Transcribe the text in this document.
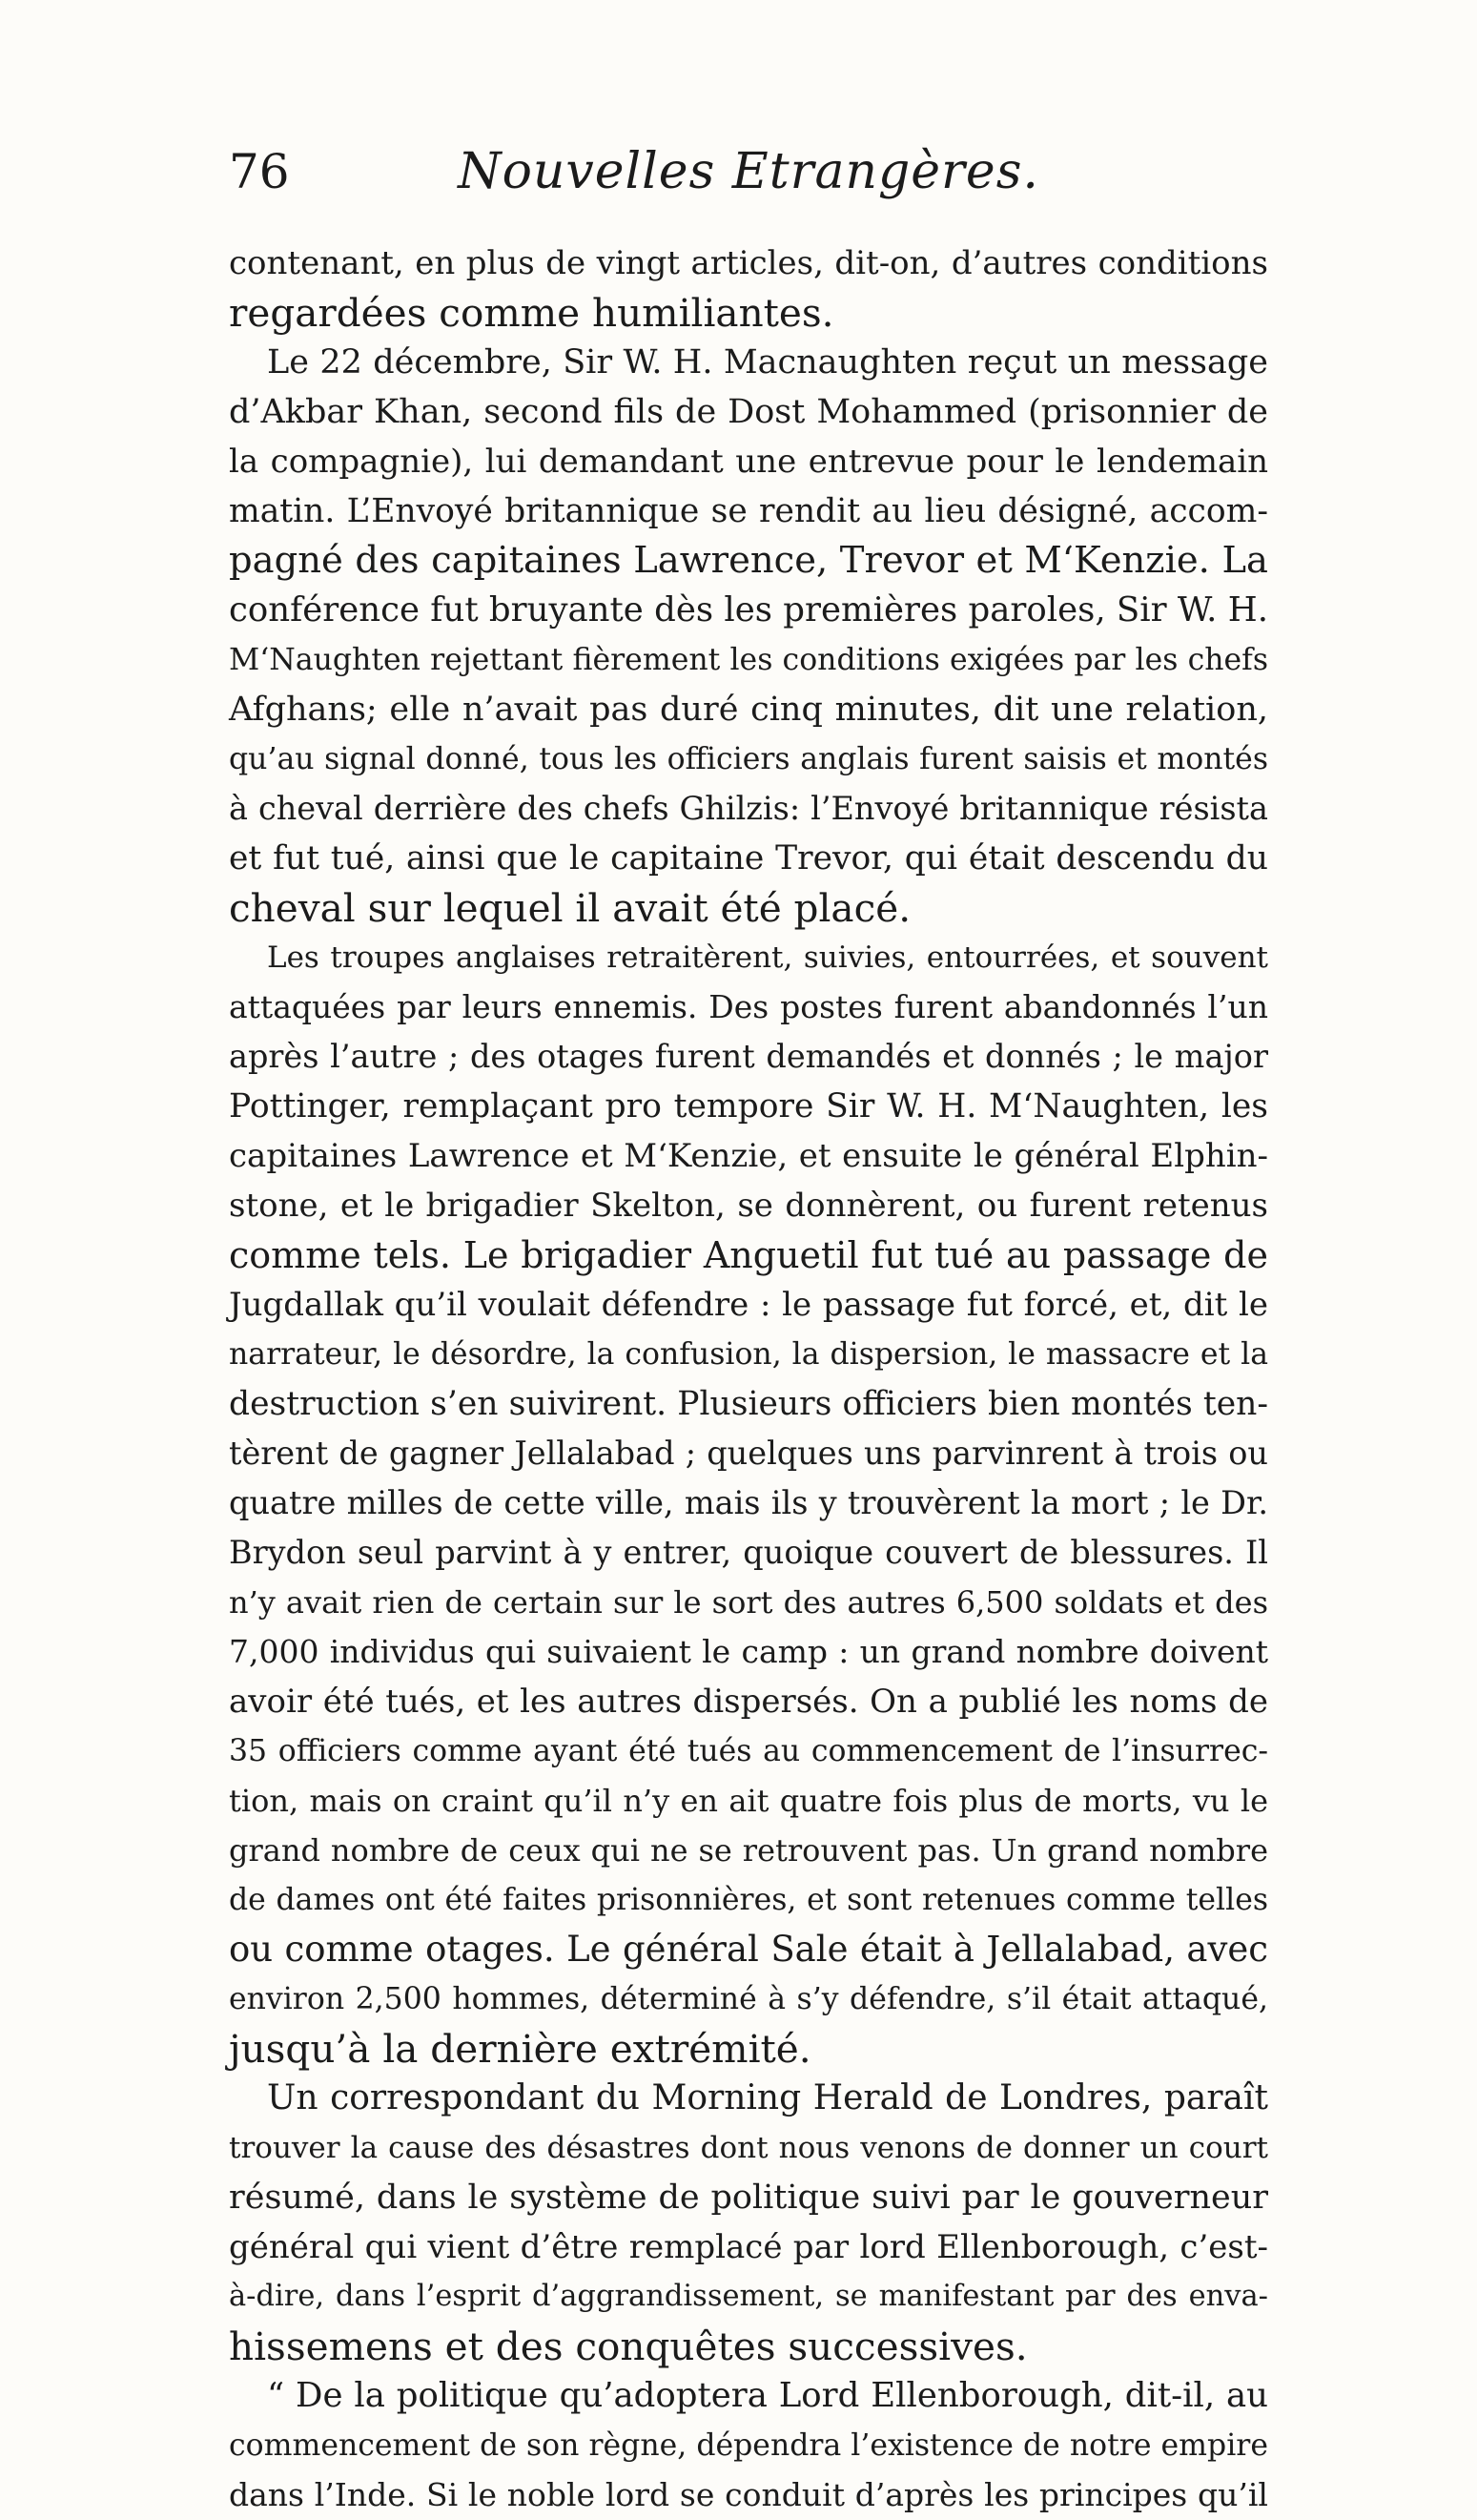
76	Nouvelles Etrangères.
contenant, en plus de vingt articles, dit-on, d’autres conditions
regardées comme humiliantes.
Le 22 décembre, Sir W. H. Macnaughten reçut un message
d’Akbar Khan, second fils de Dost Mohammed (prisonnier de
la compagnie), lui demandant une entrevue pour le lendemain
matin. L’Envoyé britannique se rendit au lieu désigné, accom-
pagné des capitaines Lawrence, Trevor et M‘Kenzie. La
conférence fut bruyante dès les premières paroles, Sir W. H.
M‘Naughten rejettant fièrement les conditions exigées par les chefs
Afghans; elle n’avait pas duré cinq minutes, dit une relation,
qu’au signal donné, tous les officiers anglais furent saisis et montés
à cheval derrière des chefs Ghilzis: l’Envoyé britannique résista
et fut tué, ainsi que le capitaine Trevor, qui était descendu du
cheval sur lequel il avait été placé.
Les troupes anglaises retraitèrent, suivies, entourrées, et souvent
attaquées par leurs ennemis. Des postes furent abandonnés l’un
après l’autre ; des otages furent demandés et donnés ; le major
Pottinger, remplaçant pro tempore Sir W. H. M‘Naughten, les
capitaines Lawrence et M‘Kenzie, et ensuite le général Elphin-
stone, et le brigadier Skelton, se donnèrent, ou furent retenus
comme tels. Le brigadier Anguetil fut tué au passage de
Jugdallak qu’il voulait défendre : le passage fut forcé, et, dit le
narrateur, le désordre, la confusion, la dispersion, le massacre et la
destruction s’en suivirent. Plusieurs officiers bien montés ten-
tèrent de gagner Jellalabad ; quelques uns parvinrent à trois ou
quatre milles de cette ville, mais ils y trouvèrent la mort ; le Dr.
Brydon seul parvint à y entrer, quoique couvert de blessures. Il
n’y avait rien de certain sur le sort des autres 6,500 soldats et des
7,000 individus qui suivaient le camp : un grand nombre doivent
avoir été tués, et les autres dispersés. On a publié les noms de
35 officiers comme ayant été tués au commencement de l’insurrec-
tion, mais on craint qu’il n’y en ait quatre fois plus de morts, vu le
grand nombre de ceux qui ne se retrouvent pas. Un grand nombre
de dames ont été faites prisonnières, et sont retenues comme telles
ou comme otages. Le général Sale était à Jellalabad, avec
environ 2,500 hommes, déterminé à s’y défendre, s’il était attaqué,
jusqu’à la dernière extrémité.
Un correspondant du Morning Herald de Londres, paraît
trouver la cause des désastres dont nous venons de donner un court
résumé, dans le système de politique suivi par le gouverneur
général qui vient d’être remplacé par lord Ellenborough, c’est-
à-dire, dans l’esprit d’aggrandissement, se manifestant par des enva-
hissemens et des conquêtes successives.
“ De la politique qu’adoptera Lord Ellenborough, dit-il, au
commencement de son règne, dépendra l’existence de notre empire
dans l’Inde. Si le noble lord se conduit d’après les principes qu’il
